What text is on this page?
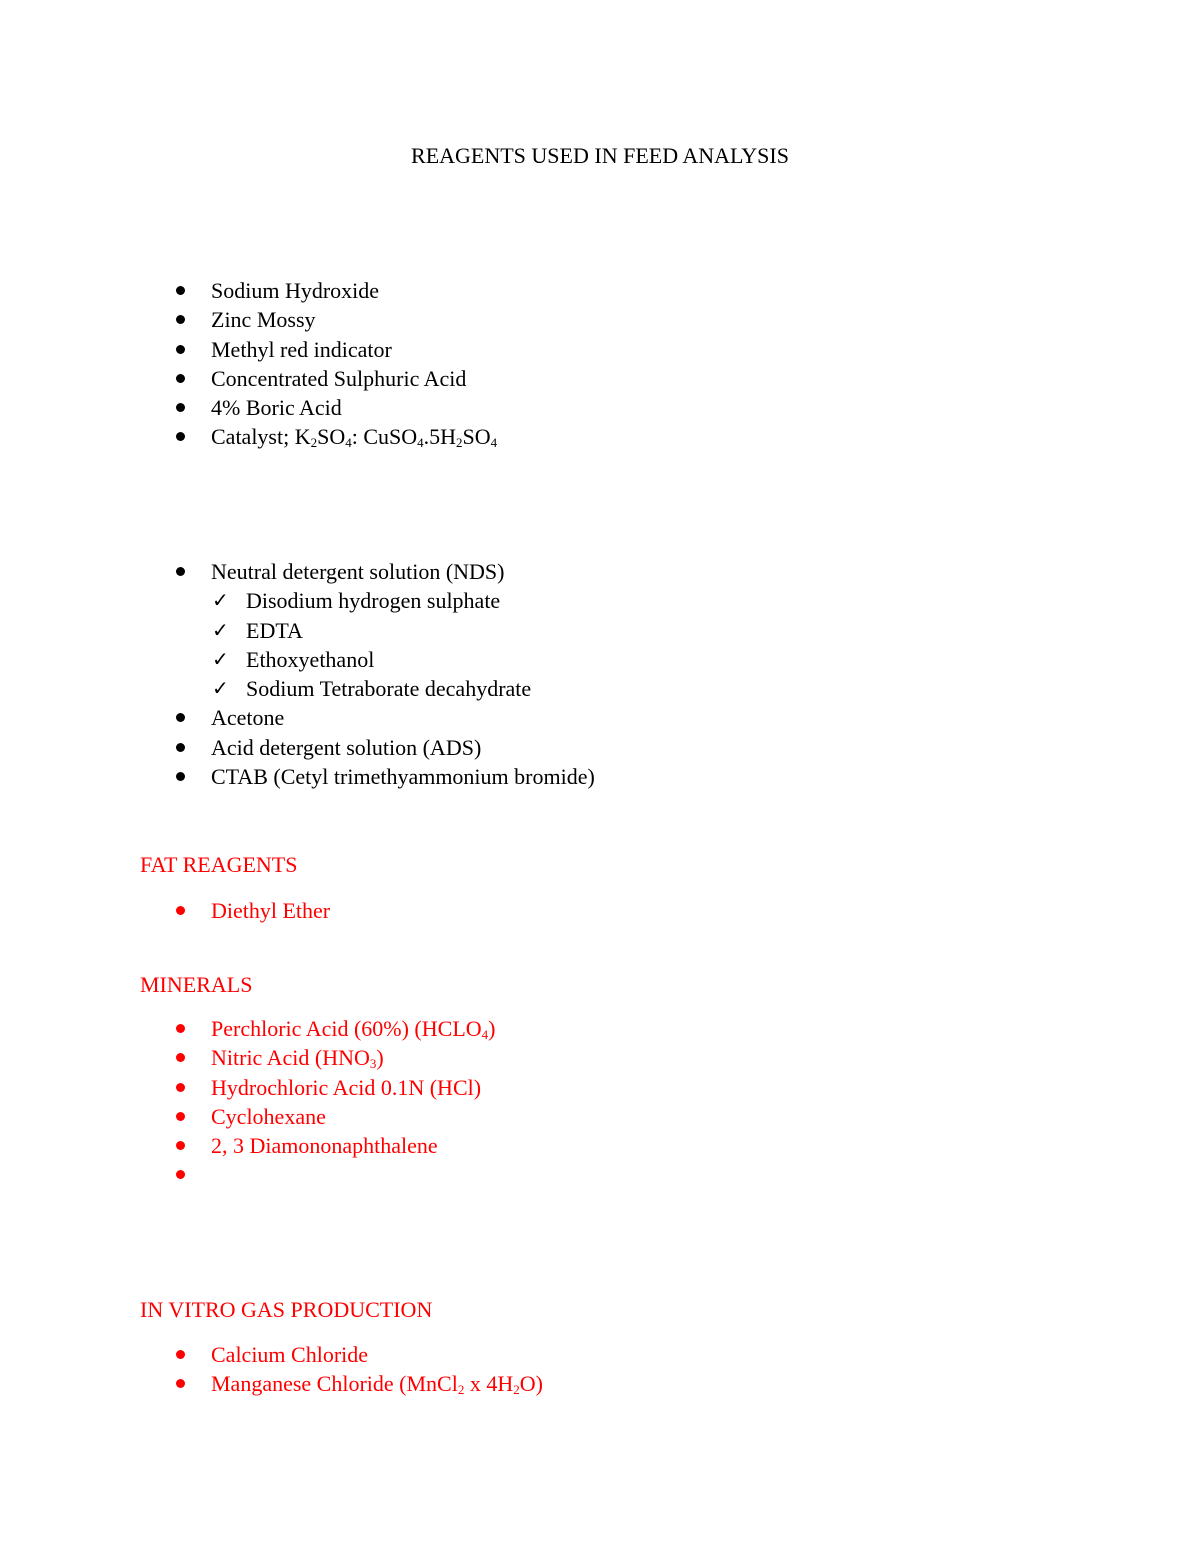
REAGENTS USED IN FEED ANALYSIS
Sodium Hydroxide
Zinc Mossy
Methyl red indicator
Concentrated Sulphuric Acid
4% Boric Acid
Catalyst; $K_2SO_4$: $CuSO_4.5H_2SO_4$
Neutral detergent solution (NDS)
✓ Disodium hydrogen sulphate
✓ EDTA
✓ Ethoxyethanol
✓ Sodium Tetraborate decahydrate
Acetone
Acid detergent solution (ADS)
CTAB (Cetyl trimethyammonium bromide)
FAT REAGENTS
Diethyl Ether
MINERALS
Perchloric Acid (60%) $(HCLO_4)$
Nitric Acid $(HNO_3)$
Hydrochloric Acid 0.1N (HCl)
Cyclohexane
2, 3 Diamononaphthalene
IN VITRO GAS PRODUCTION
Calcium Chloride
Manganese Chloride (MnCl$_2$ x $4H_2O$)
